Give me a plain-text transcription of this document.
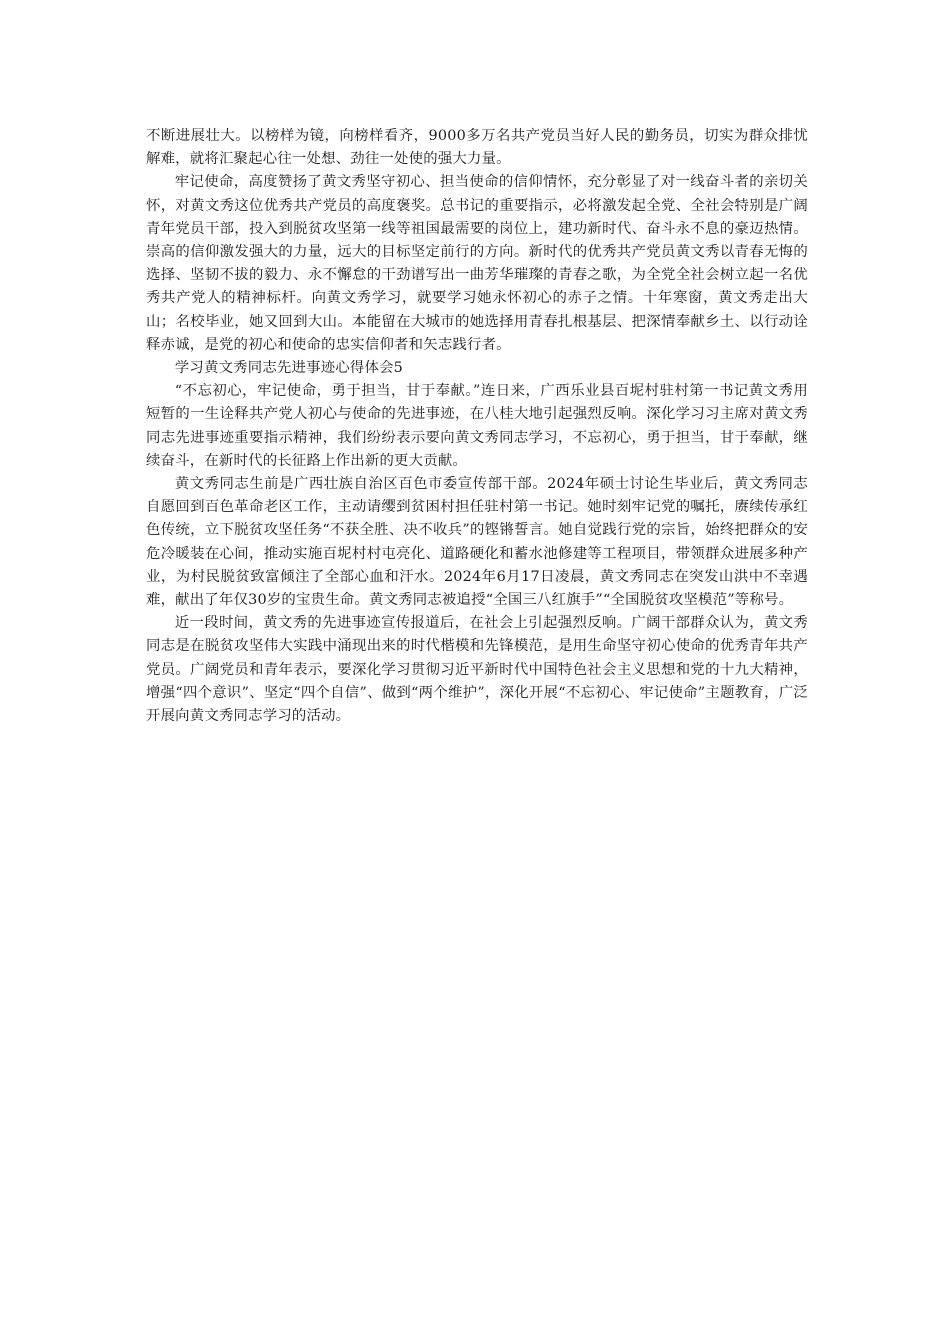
不断进展壮大。以榜样为镜，向榜样看齐，9000多万名共产党员当好人民的勤务员，切实为群众排忧解难，就将汇聚起心往一处想、劲往一处使的强大力量。

牢记使命，高度赞扬了黄文秀坚守初心、担当使命的信仰情怀，充分彰显了对一线奋斗者的亲切关怀，对黄文秀这位优秀共产党员的高度褒奖。总书记的重要指示，必将激发起全党、全社会特别是广阔青年党员干部，投入到脱贫攻坚第一线等祖国最需要的岗位上，建功新时代、奋斗永不息的豪迈热情。崇高的信仰激发强大的力量，远大的目标坚定前行的方向。新时代的优秀共产党员黄文秀以青春无悔的选择、坚韧不拔的毅力、永不懈怠的干劲谱写出一曲芳华璀璨的青春之歌，为全党全社会树立起一名优秀共产党人的精神标杆。向黄文秀学习，就要学习她永怀初心的赤子之情。十年寒窗，黄文秀走出大山；名校毕业，她又回到大山。本能留在大城市的她选择用青春扎根基层、把深情奉献乡土、以行动诠释赤诚，是党的初心和使命的忠实信仰者和矢志践行者。

学习黄文秀同志先进事迹心得体会5

“不忘初心，牢记使命，勇于担当，甘于奉献。”连日来，广西乐业县百坭村驻村第一书记黄文秀用短暂的一生诠释共产党人初心与使命的先进事迹，在八桂大地引起强烈反响。深化学习习主席对黄文秀同志先进事迹重要指示精神，我们纷纷表示要向黄文秀同志学习，不忘初心，勇于担当，甘于奉献，继续奋斗，在新时代的长征路上作出新的更大贡献。

黄文秀同志生前是广西壮族自治区百色市委宣传部干部。2024年硕士讨论生毕业后，黄文秀同志自愿回到百色革命老区工作，主动请缨到贫困村担任驻村第一书记。她时刻牢记党的嘱托，赓续传承红色传统，立下脱贫攻坚任务“不获全胜、决不收兵”的铿锵誓言。她自觉践行党的宗旨，始终把群众的安危冷暖装在心间，推动实施百坭村村屯亮化、道路硬化和蓄水池修建等工程项目，带领群众进展多种产业，为村民脱贫致富倾注了全部心血和汗水。2024年6月17日凌晨，黄文秀同志在突发山洪中不幸遇难，献出了年仅30岁的宝贵生命。黄文秀同志被追授“全国三八红旗手”“全国脱贫攻坚模范”等称号。

近一段时间，黄文秀的先进事迹宣传报道后，在社会上引起强烈反响。广阔干部群众认为，黄文秀同志是在脱贫攻坚伟大实践中涌现出来的时代楷模和先锋模范，是用生命坚守初心使命的优秀青年共产党员。广阔党员和青年表示，要深化学习贯彻习近平新时代中国特色社会主义思想和党的十九大精神，增强“四个意识”、坚定“四个自信”、做到“两个维护”，深化开展“不忘初心、牢记使命”主题教育，广泛开展向黄文秀同志学习的活动。
